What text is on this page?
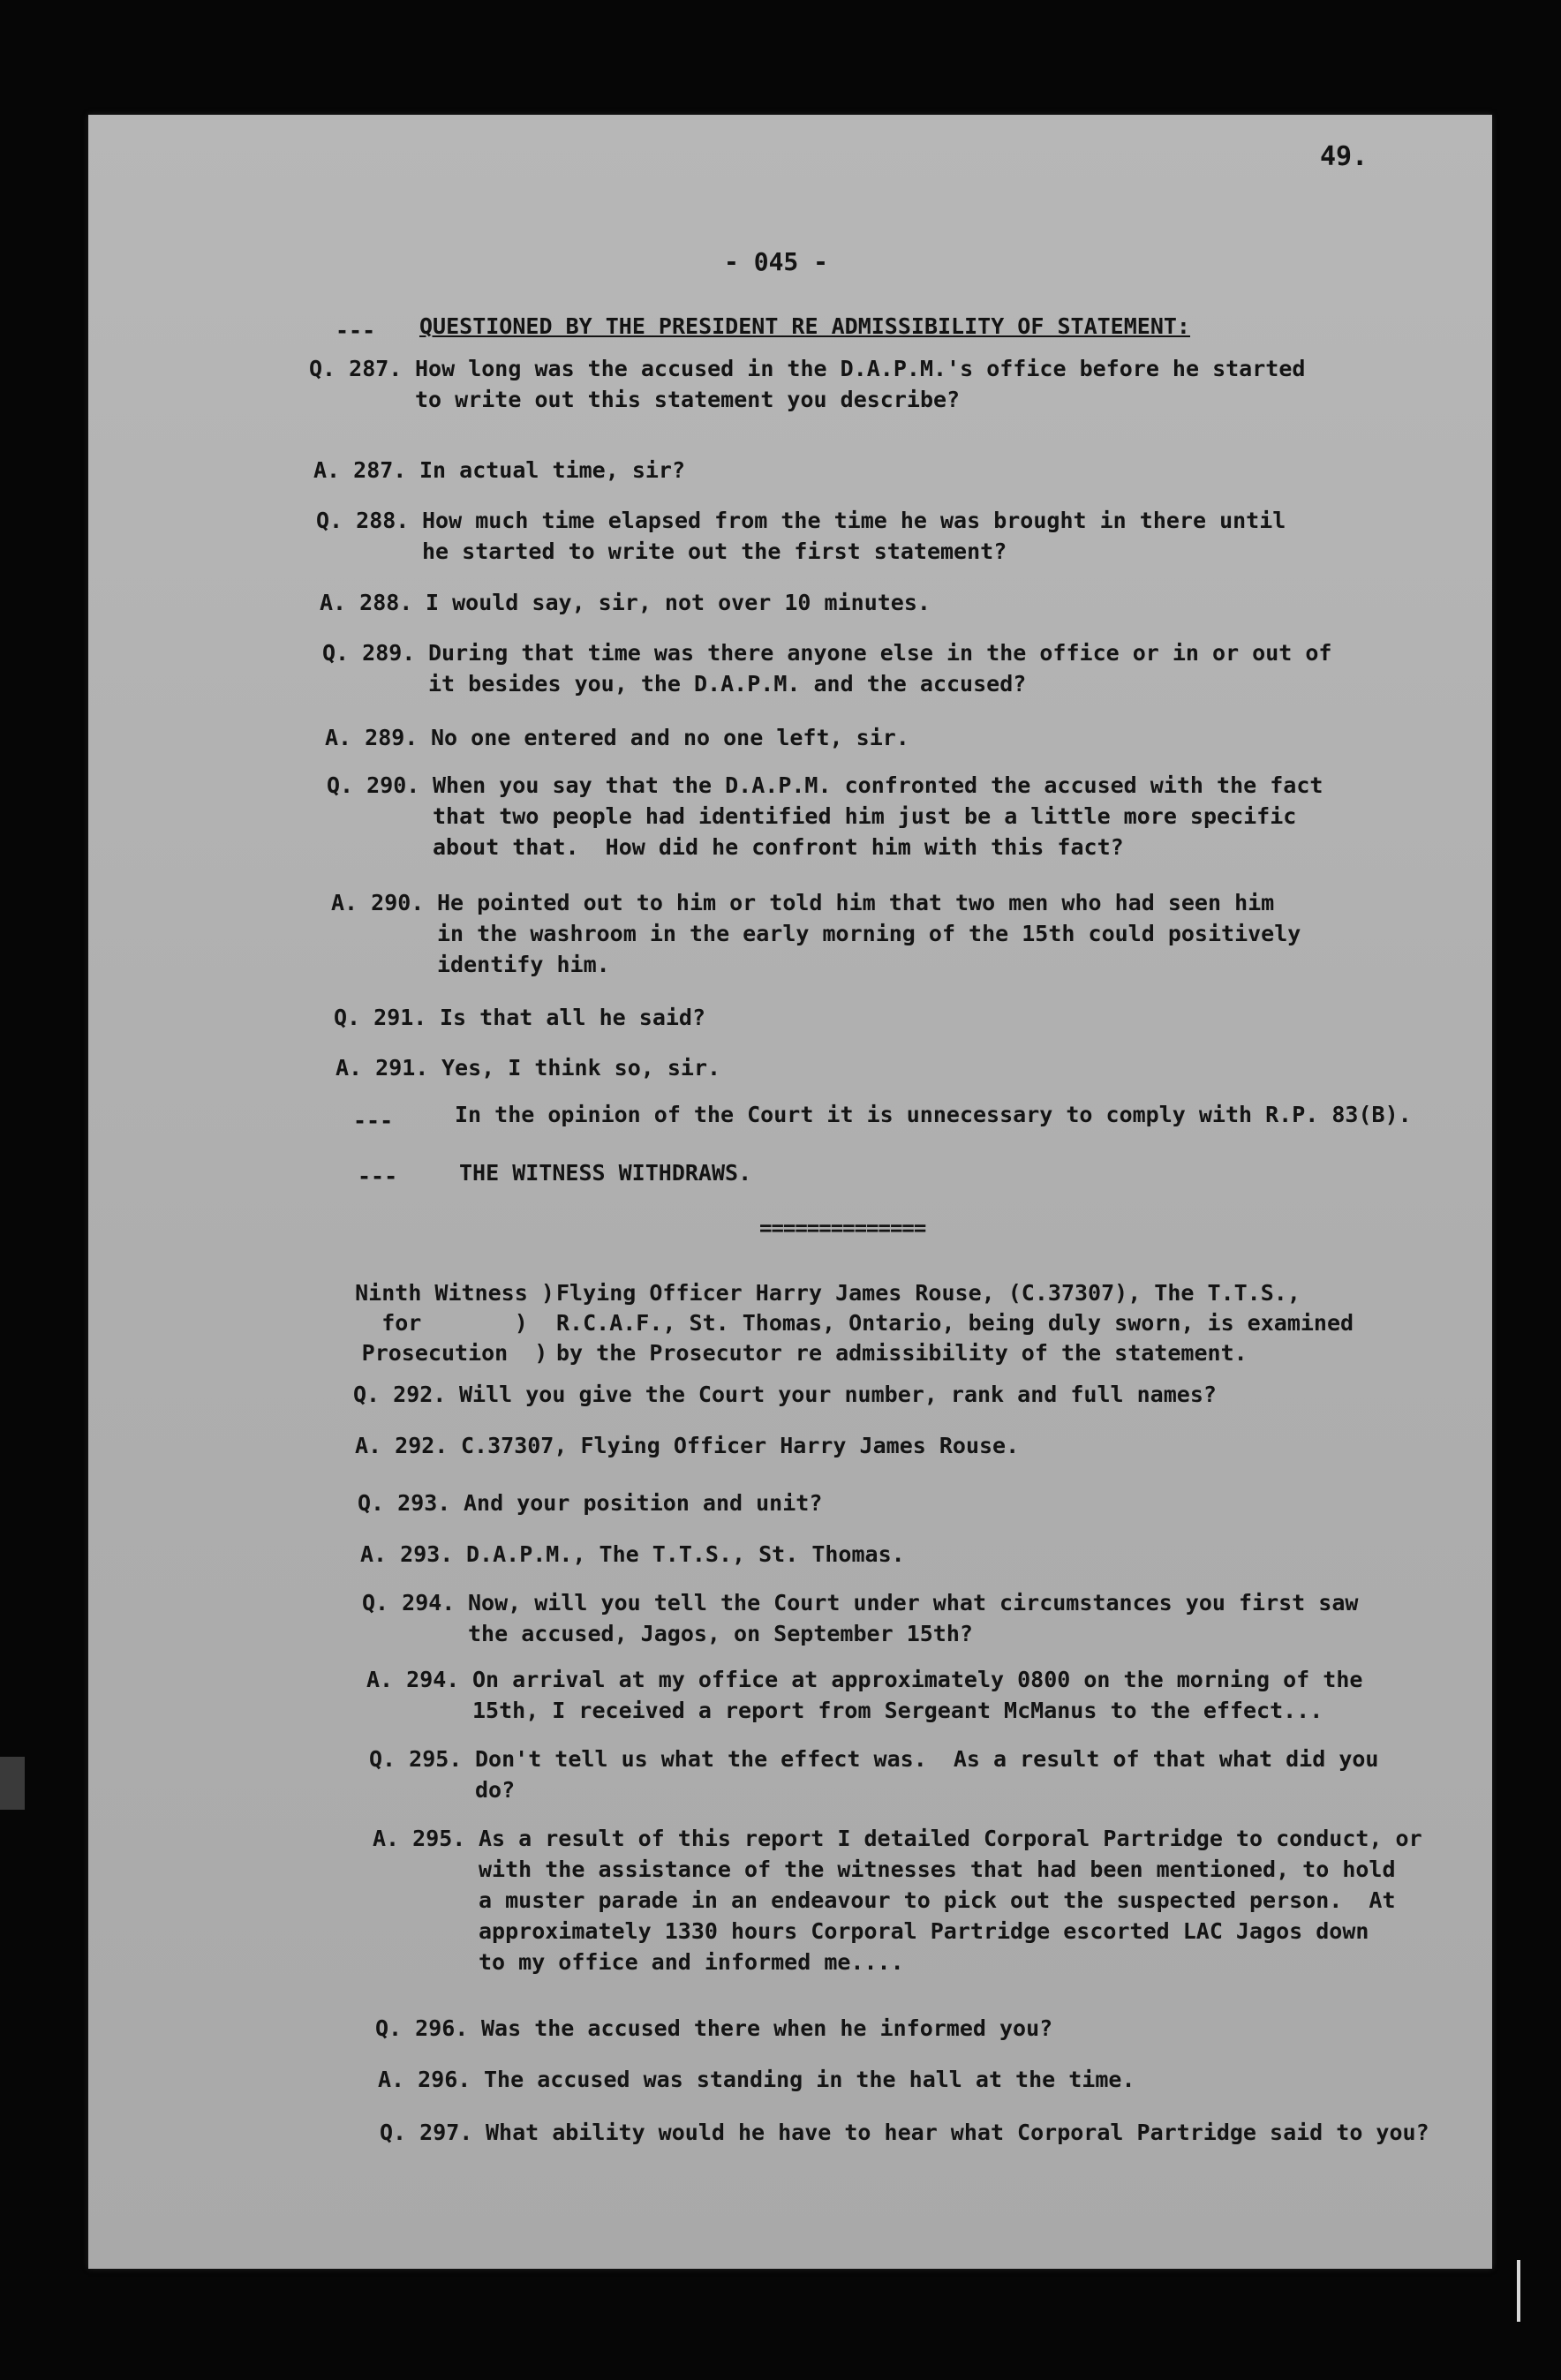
49.
- 045 -
--- QUESTIONED BY THE PRESIDENT RE ADMISSIBILITY OF STATEMENT:

Q. 287.

How long was the accused in the D.A.P.M.'s office before he started
to write out this statement you describe?

A. 287.

In actual time, sir?

Q. 288.

How much time elapsed from the time he was brought in there until
he started to write out the first statement?

A. 288.

I would say, sir, not over 10 minutes.

Q. 289.

During that time was there anyone else in the office or in or out of
it besides you, the D.A.P.M. and the accused?

A. 289.

No one entered and no one left, sir.

Q. 290.

When you say that the D.A.P.M. confronted the accused with the fact
that two people had identified him just be a little more specific
about that.  How did he confront him with this fact?

A. 290.

He pointed out to him or told him that two men who had seen him
in the washroom in the early morning of the 15th could positively
identify him.

Q. 291.

Is that all he said?

A. 291.

Yes, I think so, sir.

---	In the opinion of the Court it is unnecessary to comply with R.P. 83(B).
---	THE WITNESS WITHDRAWS.
==============
Ninth Witness )
for       )
Prosecution  )
Flying Officer Harry James Rouse, (C.37307), The T.T.S.,
R.C.A.F., St. Thomas, Ontario, being duly sworn, is examined
by the Prosecutor re admissibility of the statement.

Q. 292.

Will you give the Court your number, rank and full names?

A. 292.

C.37307, Flying Officer Harry James Rouse.

Q. 293.

And your position and unit?

A. 293.

D.A.P.M., The T.T.S., St. Thomas.

Q. 294.

Now, will you tell the Court under what circumstances you first saw
the accused, Jagos, on September 15th?

A. 294.

On arrival at my office at approximately 0800 on the morning of the
15th, I received a report from Sergeant McManus to the effect...

Q. 295.

Don't tell us what the effect was.  As a result of that what did you
do?

A. 295.

As a result of this report I detailed Corporal Partridge to conduct, or
with the assistance of the witnesses that had been mentioned, to hold
a muster parade in an endeavour to pick out the suspected person.  At
approximately 1330 hours Corporal Partridge escorted LAC Jagos down
to my office and informed me....

Q. 296.

Was the accused there when he informed you?

A. 296.

The accused was standing in the hall at the time.

Q. 297.

What ability would he have to hear what Corporal Partridge said to you?
